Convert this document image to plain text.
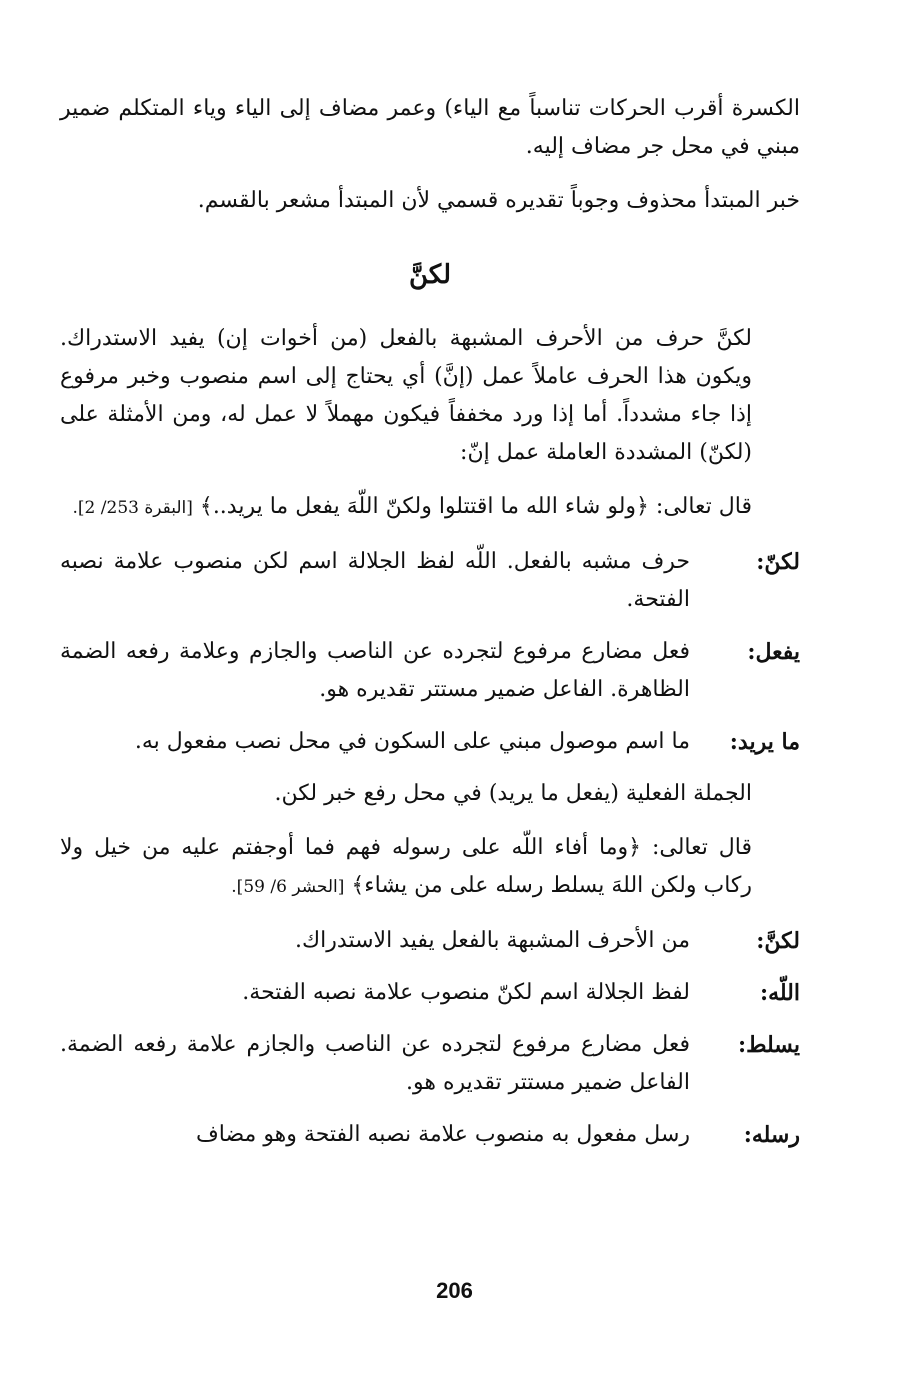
الكسرة أقرب الحركات تناسباً مع الياء) وعمر مضاف إلى الياء وياء المتكلم ضمير مبني في محل جر مضاف إليه.

خبر المبتدأ محذوف وجوباً تقديره قسمي لأن المبتدأ مشعر بالقسم.

لكنَّ

لكنَّ حرف من الأحرف المشبهة بالفعل (من أخوات إن) يفيد الاستدراك. ويكون هذا الحرف عاملاً عمل (إنَّ) أي يحتاج إلى اسم منصوب وخبر مرفوع إذا جاء مشدداً. أما إذا ورد مخففاً فيكون مهملاً لا عمل له، ومن الأمثلة على (لكنّ) المشددة العاملة عمل إنّ:

قال تعالى: ﴿ولو شاء الله ما اقتتلوا ولكنّ اللّهَ يفعل ما يريد..﴾ [البقرة 253/ 2].

لكنّ:
حرف مشبه بالفعل. اللّه لفظ الجلالة اسم لكن منصوب علامة نصبه الفتحة.
يفعل:
فعل مضارع مرفوع لتجرده عن الناصب والجازم وعلامة رفعه الضمة الظاهرة. الفاعل ضمير مستتر تقديره هو.
ما يريد:
ما اسم موصول مبني على السكون في محل نصب مفعول به.

الجملة الفعلية (يفعل ما يريد) في محل رفع خبر لكن.

قال تعالى: ﴿وما أفاء اللّه على رسوله فهم فما أوجفتم عليه من خيل ولا ركاب ولكن اللهَ يسلط رسله على من يشاء﴾ [الحشر 6/ 59].

لكنَّ:
من الأحرف المشبهة بالفعل يفيد الاستدراك.
اللّه:
لفظ الجلالة اسم لكنّ منصوب علامة نصبه الفتحة.
يسلط:
فعل مضارع مرفوع لتجرده عن الناصب والجازم علامة رفعه الضمة. الفاعل ضمير مستتر تقديره هو.
رسله:
رسل مفعول به منصوب علامة نصبه الفتحة وهو مضاف
206
